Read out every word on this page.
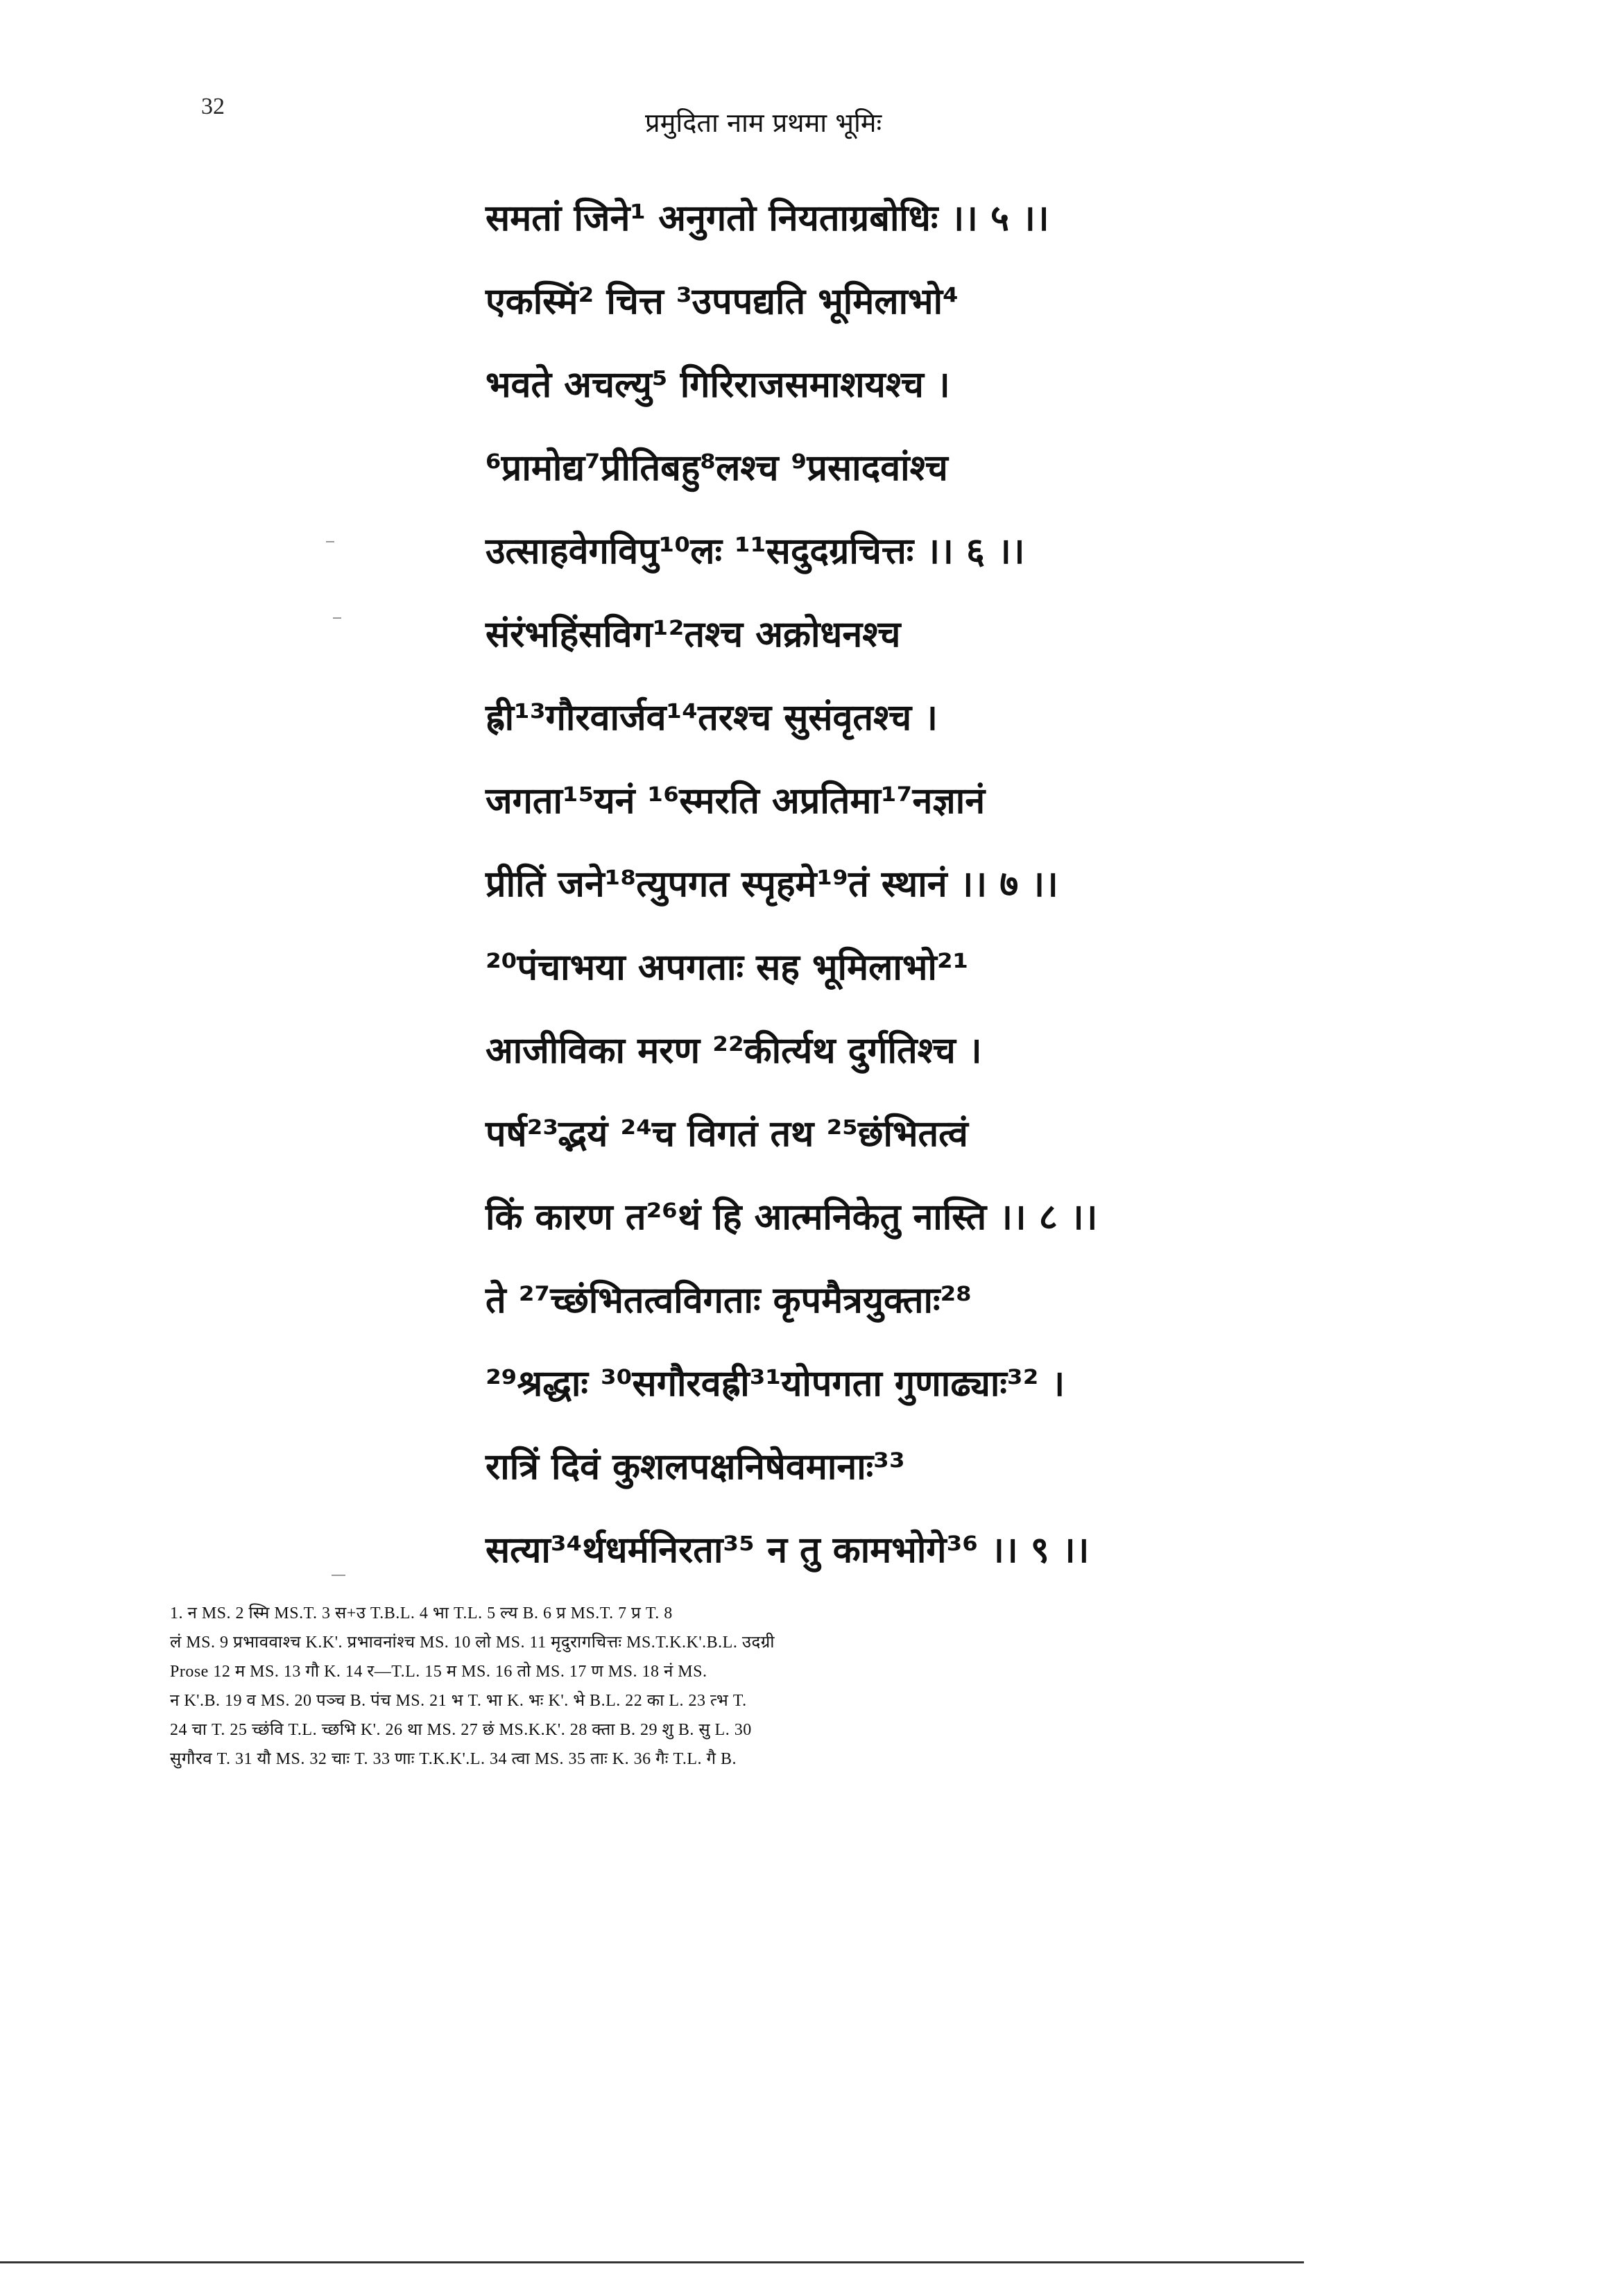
32
प्रमुदिता नाम प्रथमा भूमिः
समतां जिने¹ अनुगतो नियताग्रबोधिः ।। ५ ।।
एकस्मिं² चित्त ³उपपद्यति भूमिलाभो⁴
भवते अचल्यु⁵ गिरिराजसमाशयश्च ।
⁶प्रामोद्य⁷प्रीतिबहु⁸लश्च ⁹प्रसादवांश्च
उत्साहवेगविपु¹⁰लः ¹¹सदुदग्रचित्तः ।। ६ ।।
संरंभहिंसविग¹²तश्च अक्रोधनश्च
ह्री¹³गौरवार्जव¹⁴तरश्च सुसंवृतश्च ।
जगता¹⁵यनं ¹⁶स्मरति अप्रतिमा¹⁷नज्ञानं
प्रीतिं जने¹⁸त्युपगत स्पृहमे¹⁹तं स्थानं ।। ७ ।।
²⁰पंचाभया अपगताः सह भूमिलाभो²¹
आजीविका मरण ²²कीर्त्यथ दुर्गतिश्च ।
पर्ष²³द्भयं ²⁴च विगतं तथ ²⁵छंभितत्वं
किं कारण त²⁶थं हि आत्मनिकेतु नास्ति ।। ८ ।।
ते ²⁷च्छंभितत्वविगताः कृपमैत्रयुक्ताः²⁸
²⁹श्रद्धाः ³⁰सगौरवह्री³¹योपगता गुणाढ्याः³² ।
रात्रिं दिवं कुशलपक्षनिषेवमानाः³³
सत्या³⁴र्थधर्मनिरता³⁵ न तु कामभोगे³⁶ ।। ९ ।।
1. न MS. 2 स्मि MS.T. 3 स+उ T.B.L. 4 भा T.L. 5 ल्य B. 6 प्र MS.T. 7 प्र T. 8
लं MS. 9 प्रभाववाश्च K.K'. प्रभावनांश्च MS. 10 लो MS. 11 मृदुरागचित्तः MS.T.K.K'.B.L. उदग्री
Prose 12 म MS. 13 गौ K. 14 र—T.L. 15 म MS. 16 तो MS. 17 ण MS. 18 नं MS.
न K'.B. 19 व MS. 20 पञ्च B. पंच MS. 21 भ T. भा K. भः K'. भे B.L. 22 का L. 23 त्भ T.
24 चा T. 25 च्छंवि T.L. च्छभि K'. 26 था MS. 27 छं MS.K.K'. 28 क्ता B. 29 शु B. सु L. 30
सुगौरव T. 31 यौ MS. 32 चाः T. 33 णाः T.K.K'.L. 34 त्वा MS. 35 ताः K. 36 गैः T.L. गै B.
